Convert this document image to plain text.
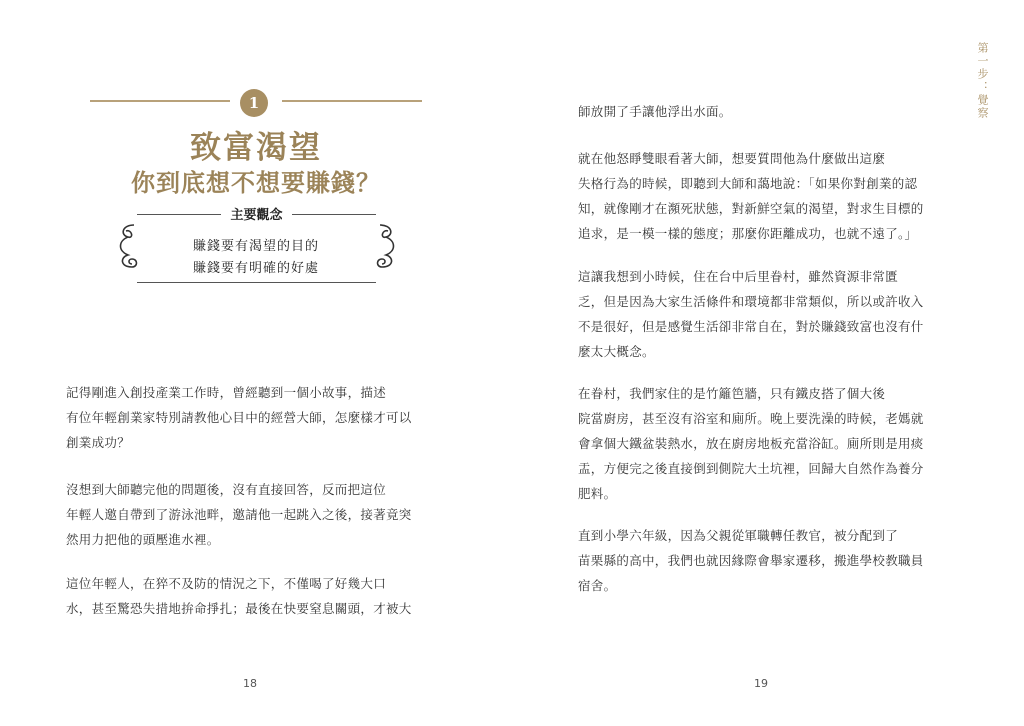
1
致富渴望
你到底想不想要賺錢？
主要觀念
賺錢要有渴望的目的
賺錢要有明確的好處

記得剛進入創投產業工作時，曾經聽到一個小故事，描述
有位年輕創業家特別請教他心目中的經營大師，怎麼樣才可以
創業成功？

沒想到大師聽完他的問題後，沒有直接回答，反而把這位
年輕人邀自帶到了游泳池畔，邀請他一起跳入之後，接著竟突
然用力把他的頭壓進水裡。

這位年輕人，在猝不及防的情況之下，不僅喝了好幾大口
水，甚至驚恐失措地拚命掙扎；最後在快要窒息關頭，才被大

18
第一步：覺察

師放開了手讓他浮出水面。

就在他怒睜雙眼看著大師，想要質問他為什麼做出這麼
失格行為的時候，即聽到大師和藹地說：「如果你對創業的認
知，就像剛才在瀕死狀態，對新鮮空氣的渴望，對求生目標的
追求，是一模一樣的態度；那麼你距離成功，也就不遠了。」

這讓我想到小時候，住在台中后里眷村，雖然資源非常匱
乏，但是因為大家生活條件和環境都非常類似，所以或許收入
不是很好，但是感覺生活卻非常自在，對於賺錢致富也沒有什
麼太大概念。

在眷村，我們家住的是竹籬笆牆，只有鐵皮搭了個大後
院當廚房，甚至沒有浴室和廁所。晚上要洗澡的時候，老媽就
會拿個大鐵盆裝熱水，放在廚房地板充當浴缸。廁所則是用痰
盂，方便完之後直接倒到側院大土坑裡，回歸大自然作為養分
肥料。

直到小學六年級，因為父親從軍職轉任教官，被分配到了
苗栗縣的高中，我們也就因緣際會舉家遷移，搬進學校教職員
宿舍。

19
